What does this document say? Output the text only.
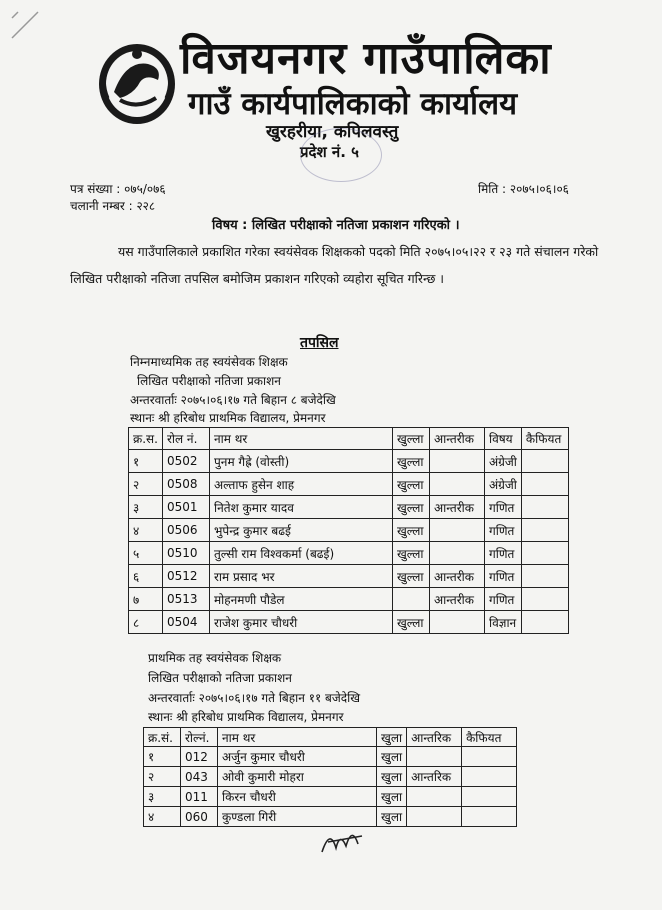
विजयनगर गाउँपालिका
गाउँ कार्यपालिकाको कार्यालय
खुरहरीया, कपिलवस्तु
प्रदेश नं. ५
पत्र संख्या : ०७५/०७६
चलानी नम्बर : २२८
मिति : २०७५।०६।०६
विषय : लिखित परीक्षाको नतिजा प्रकाशन गरिएको ।
यस गाउँपालिकाले प्रकाशित गरेका स्वयंसेवक शिक्षकको पदको मिति २०७५।०५।२२ र २३ गते संचालन गरेको लिखित परीक्षाको नतिजा तपसिल बमोजिम प्रकाशन गरिएको व्यहोरा सूचित गरिन्छ ।
तपसिल
निम्नमाध्यमिक तह स्वयंसेवक शिक्षक
लिखित परीक्षाको नतिजा प्रकाशन
अन्तरवार्ताः २०७५।०६।१७ गते बिहान ८ बजेदेखि
स्थानः श्री हरिबोध प्राथमिक विद्यालय, प्रेमनगर
क्र.स.	रोल नं.	नाम थर	खुल्ला	आन्तरीक	विषय	कैफियत
१	0502	पुनम गैह्रे (वोस्ती)	खुल्ला		अंग्रेजी	
२	0508	अल्ताफ हुसेन शाह	खुल्ला		अंग्रेजी	
३	0501	नितेश कुमार यादव	खुल्ला	आन्तरीक	गणित	
४	0506	भुपेन्द्र कुमार बढई	खुल्ला		गणित	
५	0510	तुल्सी राम विश्वकर्मा (बढई)	खुल्ला		गणित	
६	0512	राम प्रसाद भर	खुल्ला	आन्तरीक	गणित	
७	0513	मोहनमणी पौडेल		आन्तरीक	गणित	
८	0504	राजेश कुमार चौधरी	खुल्ला		विज्ञान	
प्राथमिक तह स्वयंसेवक शिक्षक
लिखित परीक्षाको नतिजा प्रकाशन
अन्तरवार्ताः २०७५।०६।१७ गते बिहान ११ बजेदेखि
स्थानः श्री हरिबोध प्राथमिक विद्यालय, प्रेमनगर
क्र.सं.	रोल्नं.	नाम थर	खुला	आन्तरिक	कैफियत
१	012	अर्जुन कुमार चौधरी	खुला		
२	043	ओवी कुमारी मोहरा	खुला	आन्तरिक	
३	011	किरन चौधरी	खुला		
४	060	कुण्डला गिरी	खुला		
